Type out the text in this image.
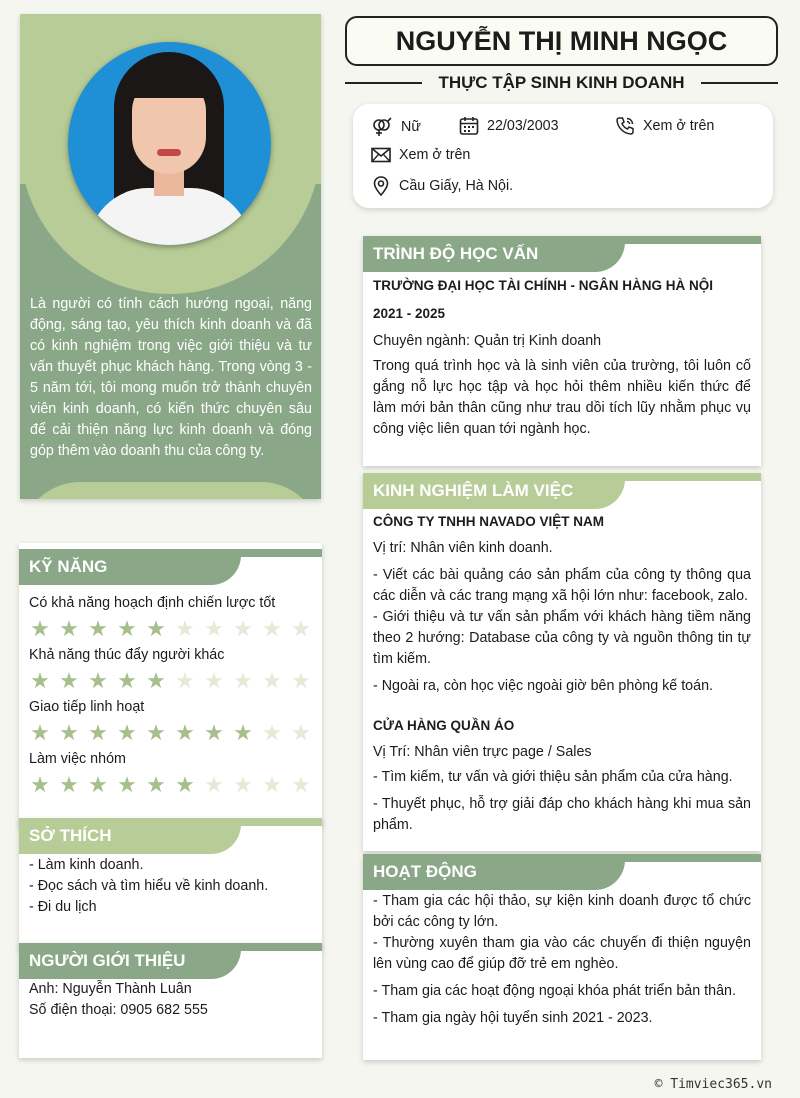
Là người có tính cách hướng ngoại, năng động, sáng tạo, yêu thích kinh doanh và đã có kinh nghiệm trong việc giới thiệu và tư vấn thuyết phục khách hàng. Trong vòng 3 - 5 năm tới, tôi mong muốn trở thành chuyên viên kinh doanh, có kiến thức chuyên sâu để cải thiện năng lực kinh doanh và đóng góp thêm vào doanh thu của công ty.

KỸ NĂNG
Có khả năng hoạch định chiến lược tốt
★ ★ ★ ★ ★ ★ ★ ★ ★ ★
Khả năng thúc đẩy người khác
★ ★ ★ ★ ★ ★ ★ ★ ★ ★
Giao tiếp linh hoạt
★ ★ ★ ★ ★ ★ ★ ★ ★ ★
Làm việc nhóm
★ ★ ★ ★ ★ ★ ★ ★ ★ ★
SỞ THÍCH
- Làm kinh doanh.
- Đọc sách và tìm hiểu về kinh doanh.
- Đi du lịch
NGƯỜI GIỚI THIỆU
Anh: Nguyễn Thành Luân
Số điện thoại: 0905 682 555
NGUYỄN THỊ MINH NGỌC
THỰC TẬP SINH KINH DOANH
Nữ	22/03/2003	Xem ở trên
Xem ở trên
Cầu Giấy, Hà Nội.
TRÌNH ĐỘ HỌC VẤN
TRƯỜNG ĐẠI HỌC TÀI CHÍNH - NGÂN HÀNG HÀ NỘI
2021 - 2025
Chuyên ngành: Quản trị Kinh doanh
Trong quá trình học và là sinh viên của trường, tôi luôn cố gắng nỗ lực học tập và học hỏi thêm nhiều kiến thức để làm mới bản thân cũng như trau dồi tích lũy nhằm phục vụ công việc liên quan tới ngành học.
KINH NGHIỆM LÀM VIỆC
CÔNG TY TNHH NAVADO VIỆT NAM
Vị trí: Nhân viên kinh doanh.
- Viết các bài quảng cáo sản phẩm của công ty thông qua các diễn và các trang mạng xã hội lớn như: facebook, zalo.
- Giới thiệu và tư vấn sản phẩm với khách hàng tiềm năng theo 2 hướng: Database của công ty và nguồn thông tin tự tìm kiếm.
- Ngoài ra, còn học việc ngoài giờ bên phòng kế toán.
CỬA HÀNG QUẦN ÁO
Vị Trí: Nhân viên trực page / Sales
- Tìm kiếm, tư vấn và giới thiệu sản phẩm của cửa hàng.
- Thuyết phục, hỗ trợ giải đáp cho khách hàng khi mua sản phẩm.
HOẠT ĐỘNG
- Tham gia các hội thảo, sự kiện kinh doanh được tổ chức bởi các công ty lớn.
- Thường xuyên tham gia vào các chuyến đi thiện nguyện lên vùng cao để giúp đỡ trẻ em nghèo.
- Tham gia các hoạt động ngoại khóa phát triển bản thân.
- Tham gia ngày hội tuyển sinh 2021 - 2023.
© Timviec365.vn
